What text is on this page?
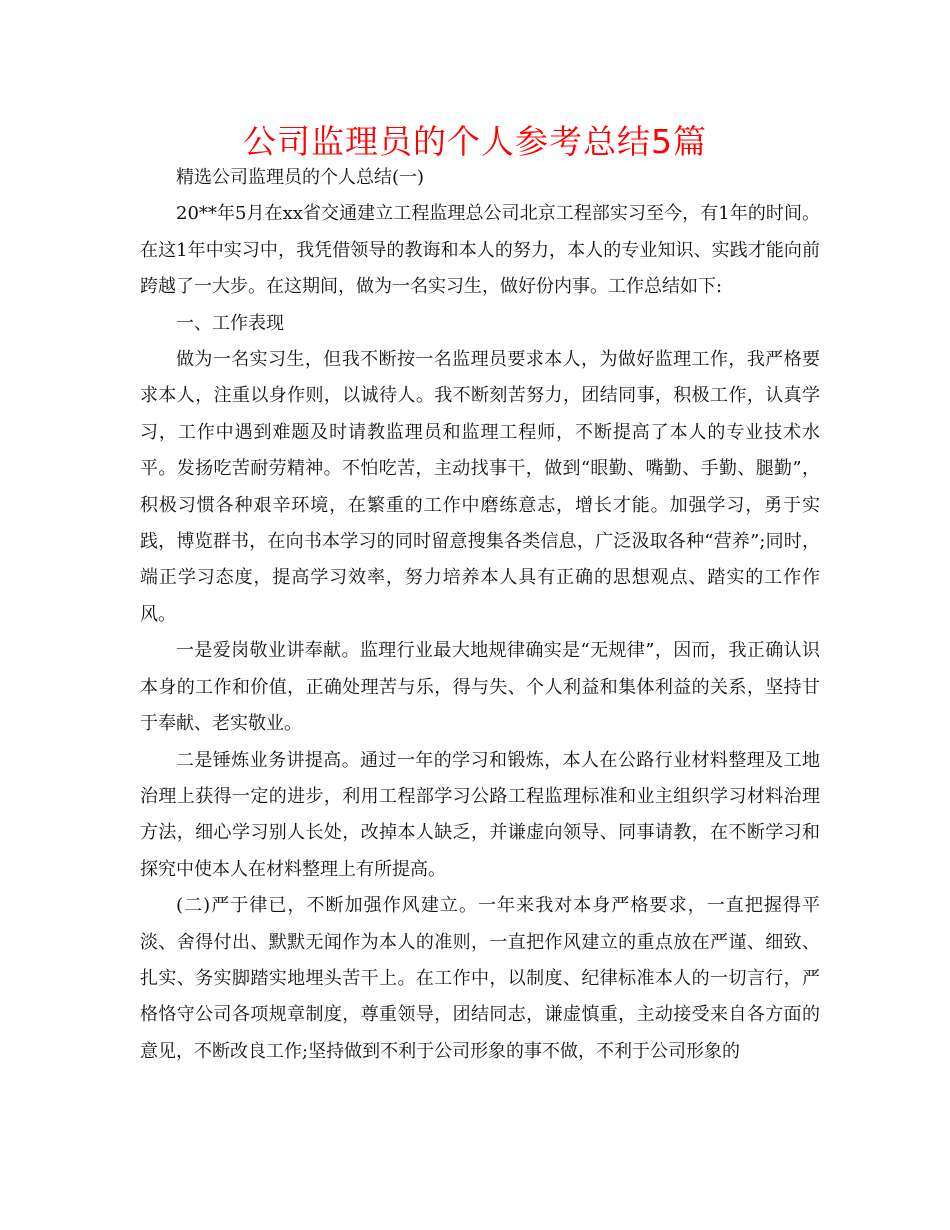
公司监理员的个人参考总结5篇

精选公司监理员的个人总结(一)

20**年5月在xx省交通建立工程监理总公司北京工程部实习至今，有1年的时间。在这1年中实习中，我凭借领导的教诲和本人的努力，本人的专业知识、实践才能向前跨越了一大步。在这期间，做为一名实习生，做好份内事。工作总结如下:

一、工作表现

做为一名实习生，但我不断按一名监理员要求本人，为做好监理工作，我严格要求本人，注重以身作则，以诚待人。我不断刻苦努力，团结同事，积极工作，认真学习，工作中遇到难题及时请教监理员和监理工程师，不断提高了本人的专业技术水平。发扬吃苦耐劳精神。不怕吃苦，主动找事干，做到“眼勤、嘴勤、手勤、腿勤”，积极习惯各种艰辛环境，在繁重的工作中磨练意志，增长才能。加强学习，勇于实践，博览群书，在向书本学习的同时留意搜集各类信息，广泛汲取各种“营养”;同时，端正学习态度，提高学习效率，努力培养本人具有正确的思想观点、踏实的工作作风。

一是爱岗敬业讲奉献。监理行业最大地规律确实是“无规律”，因而，我正确认识本身的工作和价值，正确处理苦与乐，得与失、个人利益和集体利益的关系，坚持甘于奉献、老实敬业。

二是锤炼业务讲提高。通过一年的学习和锻炼，本人在公路行业材料整理及工地治理上获得一定的进步，利用工程部学习公路工程监理标准和业主组织学习材料治理方法，细心学习别人长处，改掉本人缺乏，并谦虚向领导、同事请教，在不断学习和探究中使本人在材料整理上有所提高。

(二)严于律已，不断加强作风建立。一年来我对本身严格要求，一直把握得平淡、舍得付出、默默无闻作为本人的准则，一直把作风建立的重点放在严谨、细致、扎实、务实脚踏实地埋头苦干上。在工作中，以制度、纪律标准本人的一切言行，严格恪守公司各项规章制度，尊重领导，团结同志，谦虚慎重，主动接受来自各方面的意见，不断改良工作;坚持做到不利于公司形象的事不做，不利于公司形象的
